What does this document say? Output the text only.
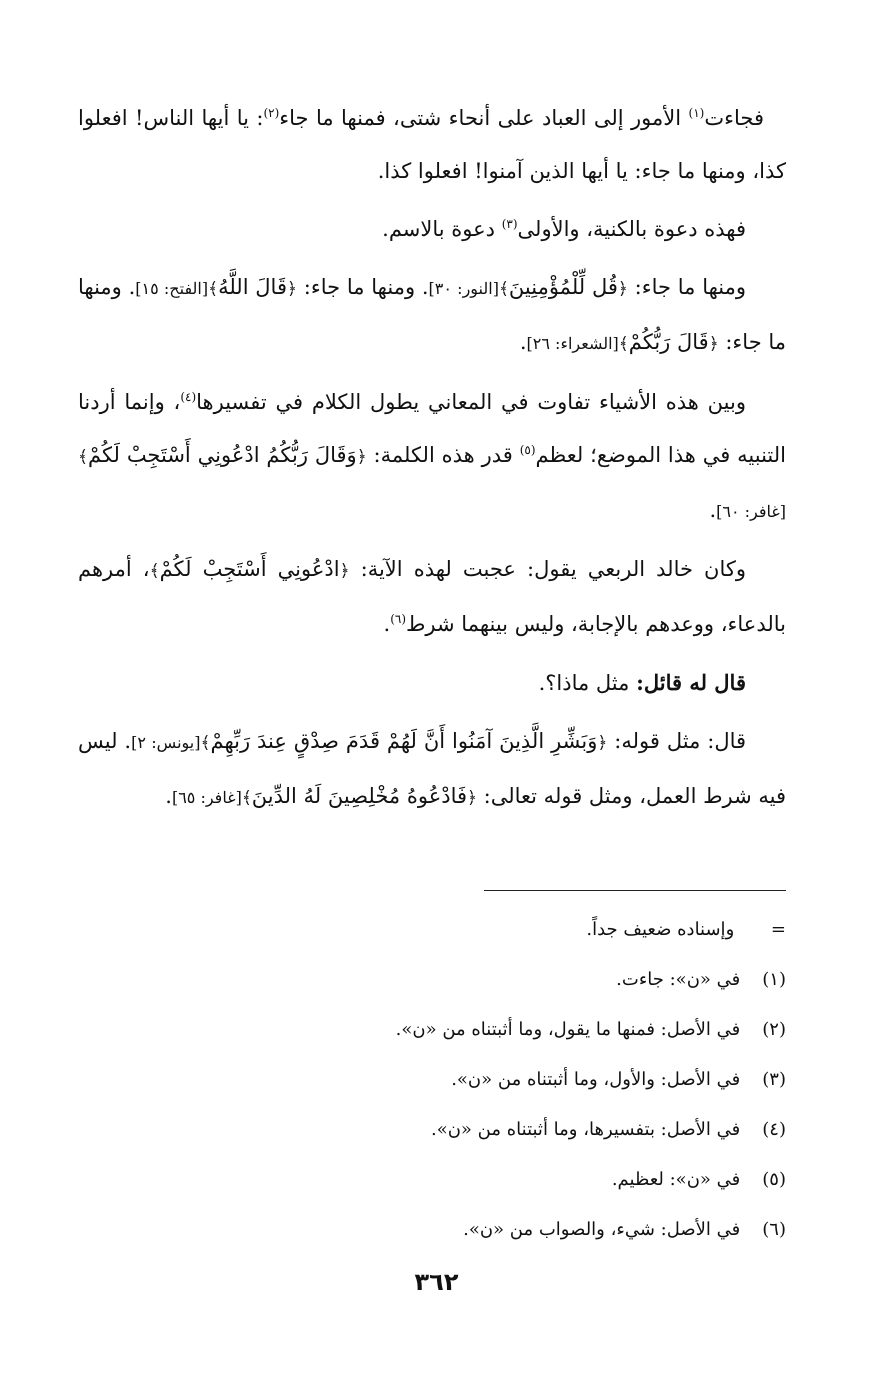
فجاءت$^{(١)}$ الأمور إلى العباد على أنحاء شتى، فمنها ما جاء$^{(٢)}$: يا أيها الناس! افعلوا كذا، ومنها ما جاء: يا أيها الذين آمنوا! افعلوا كذا.

فهذه دعوة بالكنية، والأولى$^{(٣)}$ دعوة بالاسم.

ومنها ما جاء: ﴿قُل لِّلْمُؤْمِنِينَ﴾[النور: ٣٠]. ومنها ما جاء: ﴿قَالَ اللَّهُ﴾[الفتح: ١٥]. ومنها ما جاء: ﴿قَالَ رَبُّكُمْ﴾[الشعراء: ٢٦].

وبين هذه الأشياء تفاوت في المعاني يطول الكلام في تفسيرها$^{(٤)}$، وإنما أردنا التنبيه في هذا الموضع؛ لعظم$^{(٥)}$ قدر هذه الكلمة: ﴿وَقَالَ رَبُّكُمُ ادْعُونِي أَسْتَجِبْ لَكُمْ﴾[غافر: ٦٠].

وكان خالد الربعي يقول: عجبت لهذه الآية: ﴿ادْعُونِي أَسْتَجِبْ لَكُمْ﴾، أمرهم بالدعاء، ووعدهم بالإجابة، وليس بينهما شرط$^{(٦)}$.

قال له قائل: مثل ماذا؟.

قال: مثل قوله: ﴿وَبَشِّرِ الَّذِينَ آمَنُوا أَنَّ لَهُمْ قَدَمَ صِدْقٍ عِندَ رَبِّهِمْ﴾[يونس: ٢]. ليس فيه شرط العمل، ومثل قوله تعالى: ﴿فَادْعُوهُ مُخْلِصِينَ لَهُ الدِّينَ﴾[غافر: ٦٥].

= وإسناده ضعيف جداً.
(١) في «ن»: جاءت.
(٢) في الأصل: فمنها ما يقول، وما أثبتناه من «ن».
(٣) في الأصل: والأول، وما أثبتناه من «ن».
(٤) في الأصل: بتفسيرها، وما أثبتناه من «ن».
(٥) في «ن»: لعظيم.
(٦) في الأصل: شيء، والصواب من «ن».
٣٦٢
